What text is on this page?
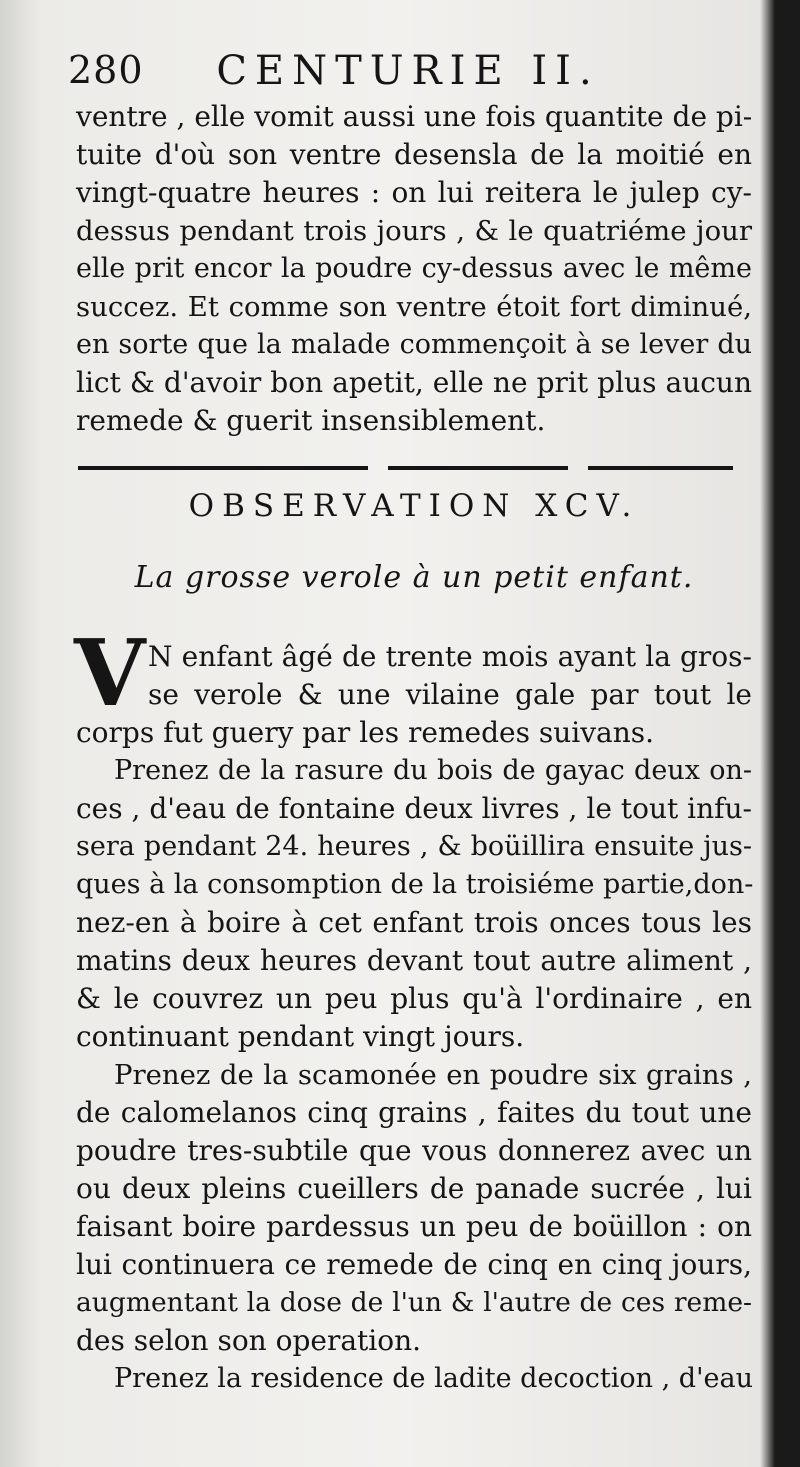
280	CENTURIE II.
ventre , elle vomit aussi une fois quantite de pi-
tuite d'où son ventre desensla de la moitié en
vingt-quatre heures : on lui reitera le julep cy-
dessus pendant trois jours , & le quatriéme jour
elle prit encor la poudre cy-dessus avec le même
succez. Et comme son ventre étoit fort diminué,
en sorte que la malade commençoit à se lever du
lict & d'avoir bon apetit, elle ne prit plus aucun
remede & guerit insensiblement.
OBSERVATION XCV.
La grosse verole à un petit enfant.
V N enfant âgé de trente mois ayant la gros-
se verole & une vilaine gale par tout le
corps fut guery par les remedes suivans.
Prenez de la rasure du bois de gayac deux on-
ces , d'eau de fontaine deux livres , le tout infu-
sera pendant 24. heures , & boüillira ensuite jus-
ques à la consomption de la troisiéme partie,don-
nez-en à boire à cet enfant trois onces tous les
matins deux heures devant tout autre aliment ,
& le couvrez un peu plus qu'à l'ordinaire , en
continuant pendant vingt jours.
Prenez de la scamonée en poudre six grains ,
de calomelanos cinq grains , faites du tout une
poudre tres-subtile que vous donnerez avec un
ou deux pleins cueillers de panade sucrée , lui
faisant boire pardessus un peu de boüillon : on
lui continuera ce remede de cinq en cinq jours,
augmentant la dose de l'un & l'autre de ces reme-
des selon son operation.
Prenez la residence de ladite decoction , d'eau
